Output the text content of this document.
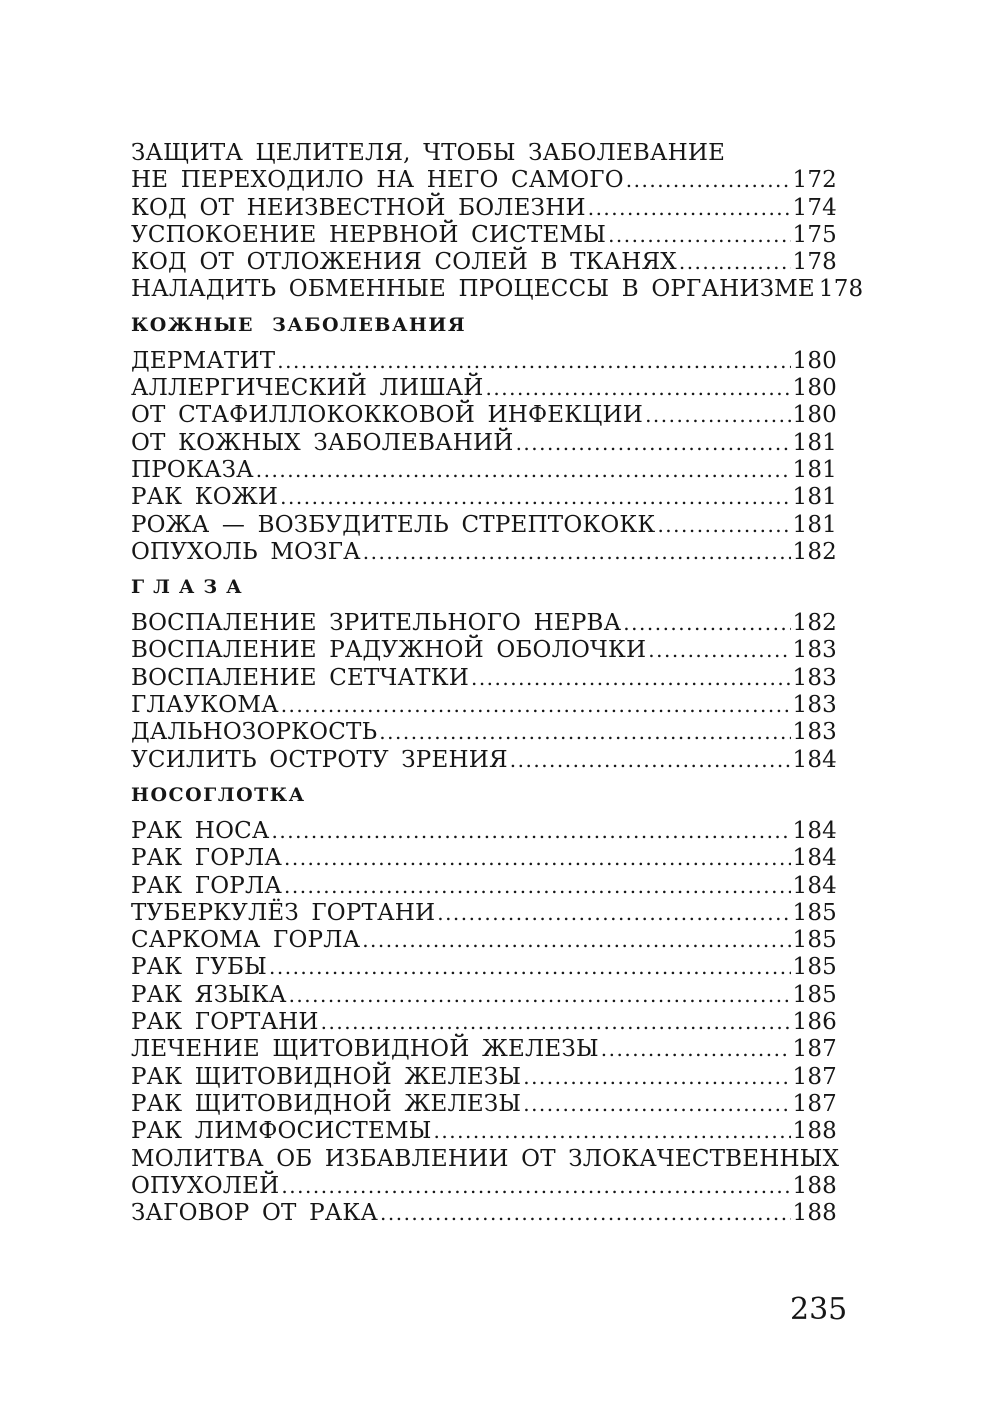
ЗАЩИТА ЦЕЛИТЕЛЯ, ЧТОБЫ ЗАБОЛЕВАНИЕ
НЕ ПЕРЕХОДИЛО НА НЕГО САМОГО .....	172
КОД ОТ НЕИЗВЕСТНОЙ БОЛЕЗНИ .....	174
УСПОКОЕНИЕ НЕРВНОЙ СИСТЕМЫ .....	175
КОД ОТ ОТЛОЖЕНИЯ СОЛЕЙ В ТКАНЯХ .....	178
НАЛАДИТЬ ОБМЕННЫЕ ПРОЦЕССЫ В ОРГАНИЗМЕ 178
КОЖНЫЕ ЗАБОЛЕВАНИЯ
ДЕРМАТИТ .....	180
АЛЛЕРГИЧЕСКИЙ ЛИШАЙ .....	180
ОТ СТАФИЛЛОКОККОВОЙ ИНФЕКЦИИ .....	180
ОТ КОЖНЫХ ЗАБОЛЕВАНИЙ .....	181
ПРОКАЗА .....	181
РАК КОЖИ .....	181
РОЖА — ВОЗБУДИТЕЛЬ СТРЕПТОКОКК .....	181
ОПУХОЛЬ МОЗГА .....	182
ГЛАЗА
ВОСПАЛЕНИЕ ЗРИТЕЛЬНОГО НЕРВА .....	182
ВОСПАЛЕНИЕ РАДУЖНОЙ ОБОЛОЧКИ .....	183
ВОСПАЛЕНИЕ СЕТЧАТКИ .....	183
ГЛАУКОМА .....	183
ДАЛЬНОЗОРКОСТЬ .....	183
УСИЛИТЬ ОСТРОТУ ЗРЕНИЯ .....	184
НОСОГЛОТКА
РАК НОСА .....	184
РАК ГОРЛА .....	184
РАК ГОРЛА .....	184
ТУБЕРКУЛЁЗ ГОРТАНИ .....	185
САРКОМА ГОРЛА .....	185
РАК ГУБЫ .....	185
РАК ЯЗЫКА .....	185
РАК ГОРТАНИ .....	186
ЛЕЧЕНИЕ ЩИТОВИДНОЙ ЖЕЛЕЗЫ .....	187
РАК ЩИТОВИДНОЙ ЖЕЛЕЗЫ .....	187
РАК ЩИТОВИДНОЙ ЖЕЛЕЗЫ .....	187
РАК ЛИМФОСИСТЕМЫ .....	188
МОЛИТВА ОБ ИЗБАВЛЕНИИ ОТ ЗЛОКАЧЕСТВЕННЫХ
ОПУХОЛЕЙ .....	188
ЗАГОВОР ОТ РАКА .....	188
235
